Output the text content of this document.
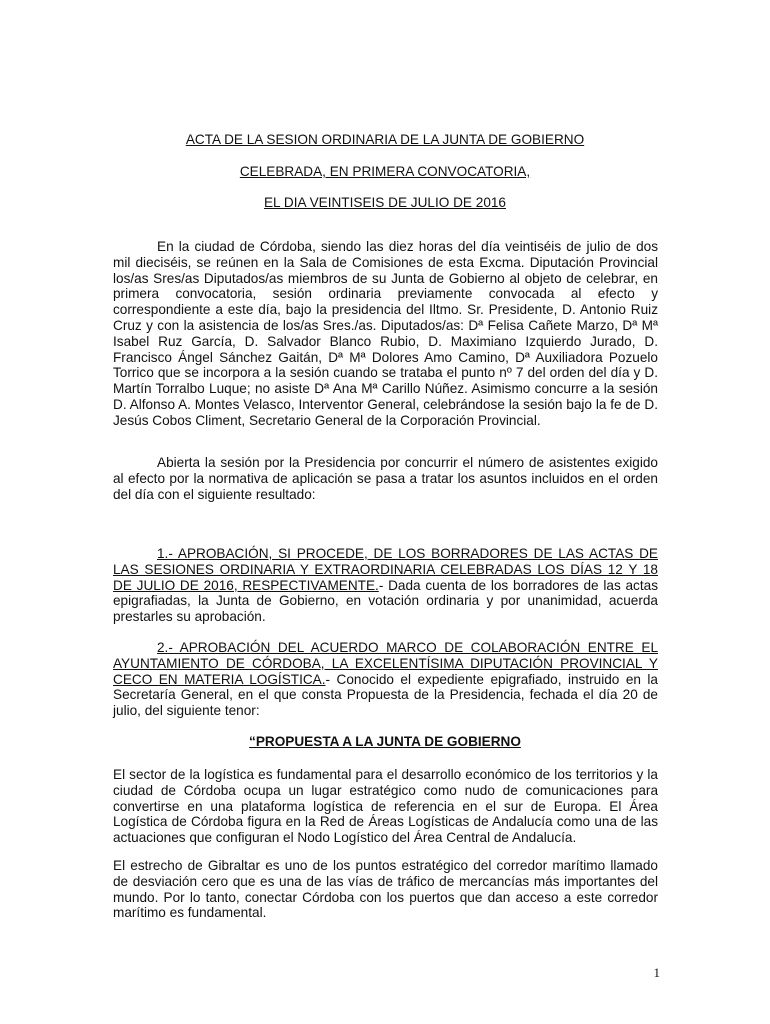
ACTA DE LA SESION ORDINARIA DE LA JUNTA DE GOBIERNO
CELEBRADA, EN PRIMERA CONVOCATORIA,
EL DIA VEINTISEIS DE JULIO DE 2016

En la ciudad de Córdoba, siendo las diez horas del día veintiséis de julio de dos mil dieciséis, se reúnen en la Sala de Comisiones de esta Excma. Diputación Provincial los/as Sres/as Diputados/as miembros de su Junta de Gobierno al objeto de celebrar, en primera convocatoria, sesión ordinaria previamente convocada al efecto y correspondiente a este día, bajo la presidencia del Iltmo. Sr. Presidente, D. Antonio Ruiz Cruz y con la asistencia de los/as Sres./as. Diputados/as: Dª Felisa Cañete Marzo, Dª Mª Isabel Ruz García, D. Salvador Blanco Rubio, D. Maximiano Izquierdo Jurado, D. Francisco Ángel Sánchez Gaitán, Dª Mª Dolores Amo Camino, Dª Auxiliadora Pozuelo Torrico que se incorpora a la sesión cuando se trataba el punto nº 7 del orden del día y D. Martín Torralbo Luque; no asiste Dª Ana Mª Carillo Núñez. Asimismo concurre a la sesión D. Alfonso A. Montes Velasco, Interventor General, celebrándose la sesión bajo la fe de D. Jesús Cobos Climent, Secretario General de la Corporación Provincial.

Abierta la sesión por la Presidencia por concurrir el número de asistentes exigido al efecto por la normativa de aplicación se pasa a tratar los asuntos incluidos en el orden del día con el siguiente resultado:

1.- APROBACIÓN, SI PROCEDE, DE LOS BORRADORES DE LAS ACTAS DE LAS SESIONES ORDINARIA Y EXTRAORDINARIA CELEBRADAS LOS DÍAS 12 Y 18 DE JULIO DE 2016, RESPECTIVAMENTE.- Dada cuenta de los borradores de las actas epigrafiadas, la Junta de Gobierno, en votación ordinaria y por unanimidad, acuerda prestarles su aprobación.

2.- APROBACIÓN DEL ACUERDO MARCO DE COLABORACIÓN ENTRE EL AYUNTAMIENTO DE CÓRDOBA, LA EXCELENTÍSIMA DIPUTACIÓN PROVINCIAL Y CECO EN MATERIA LOGÍSTICA.- Conocido el expediente epigrafiado, instruido en la Secretaría General, en el que consta Propuesta de la Presidencia, fechada el día 20 de julio, del siguiente tenor:

“PROPUESTA A LA JUNTA DE GOBIERNO

El sector de la logística es fundamental para el desarrollo económico de los territorios y la ciudad de Córdoba ocupa un lugar estratégico como nudo de comunicaciones para convertirse en una plataforma logística de referencia en el sur de Europa. El Área Logística de Córdoba figura en la Red de Áreas Logísticas de Andalucía como una de las actuaciones que configuran el Nodo Logístico del Área Central de Andalucía.

El estrecho de Gibraltar es uno de los puntos estratégico del corredor marítimo llamado de desviación cero que es una de las vías de tráfico de mercancías más importantes del mundo. Por lo tanto, conectar Córdoba con los puertos que dan acceso a este corredor marítimo es fundamental.

1
